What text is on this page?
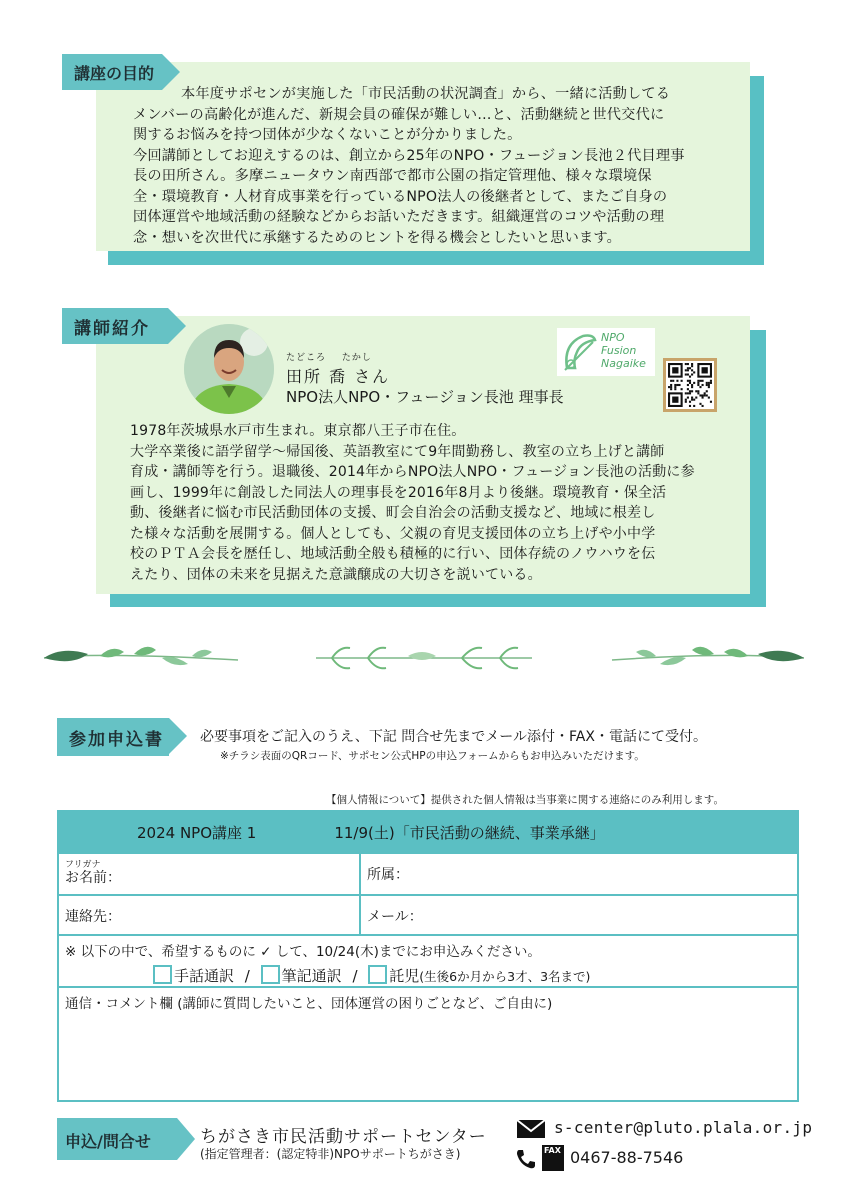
講座の目的
本年度サポセンが実施した「市民活動の状況調査」から、一緒に活動してる
メンバーの高齢化が進んだ、新規会員の確保が難しい…と、活動継続と世代交代に
関するお悩みを持つ団体が少なくないことが分かりました。
今回講師としてお迎えするのは、創立から25年のNPO・フュージョン長池２代目理事
長の田所さん。多摩ニュータウン南西部で都市公園の指定管理他、様々な環境保
全・環境教育・人材育成事業を行っているNPO法人の後継者として、またご自身の
団体運営や地域活動の経験などからお話いただきます。組織運営のコツや活動の理
念・想いを次世代に承継するためのヒントを得る機会としたいと思います。
講師紹介
たどころ たかし
田所 喬 さん
NPO法人NPO・フュージョン長池 理事長
NPO
Fusion
Nagaike
1978年茨城県水戸市生まれ。東京都八王子市在住。
大学卒業後に語学留学～帰国後、英語教室にて9年間勤務し、教室の立ち上げと講師
育成・講師等を行う。退職後、2014年からNPO法人NPO・フュージョン長池の活動に参
画し、1999年に創設した同法人の理事長を2016年8月より後継。環境教育・保全活
動、後継者に悩む市民活動団体の支援、町会自治会の活動支援など、地域に根差し
た様々な活動を展開する。個人としても、父親の育児支援団体の立ち上げや小中学
校のＰＴＡ会長を歴任し、地域活動全般も積極的に行い、団体存続のノウハウを伝
えたり、団体の未来を見据えた意識醸成の大切さを説いている。
参加申込書	必要事項をご記入のうえ、下記 問合せ先までメール添付・FAX・電話にて受付。
※チラシ表面のQRコード、サポセン公式HPの申込フォームからもお申込みいただけます。
【個人情報について】提供された個人情報は当事業に関する連絡にのみ利用します。
2024 NPO講座 1	11/9(土)「市民活動の継続、事業承継」
フリガナ
お名前：	所属：
連絡先：	メール：
※ 以下の中で、希望するものに ✓ して、10/24(木)までにお申込みください。
手話通訳 / 筆記通訳 / 託児(生後6か月から3才、3名まで)
通信・コメント欄 (講師に質問したいこと、団体運営の困りごとなど、ご自由に)
申込/問合せ	ちがさき市民活動サポートセンター
(指定管理者：(認定特非)NPOサポートちがさき)
s-center@pluto.plala.or.jp
FAX 0467-88-7546
